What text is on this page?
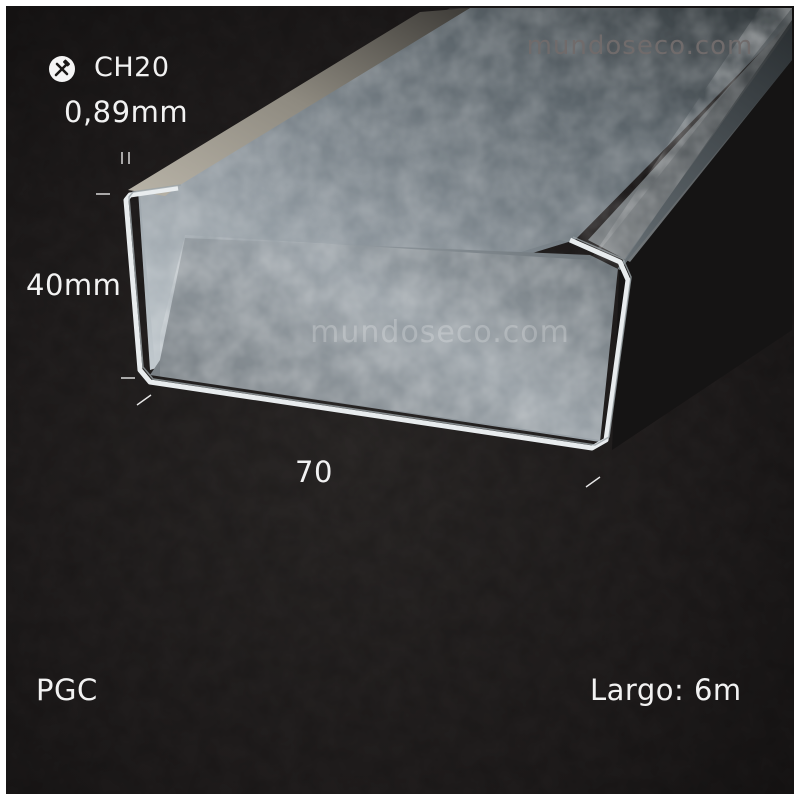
mundoseco.com
mundoseco.com
CH20
0,89mm
40mm
70
PGC	Largo: 6m
